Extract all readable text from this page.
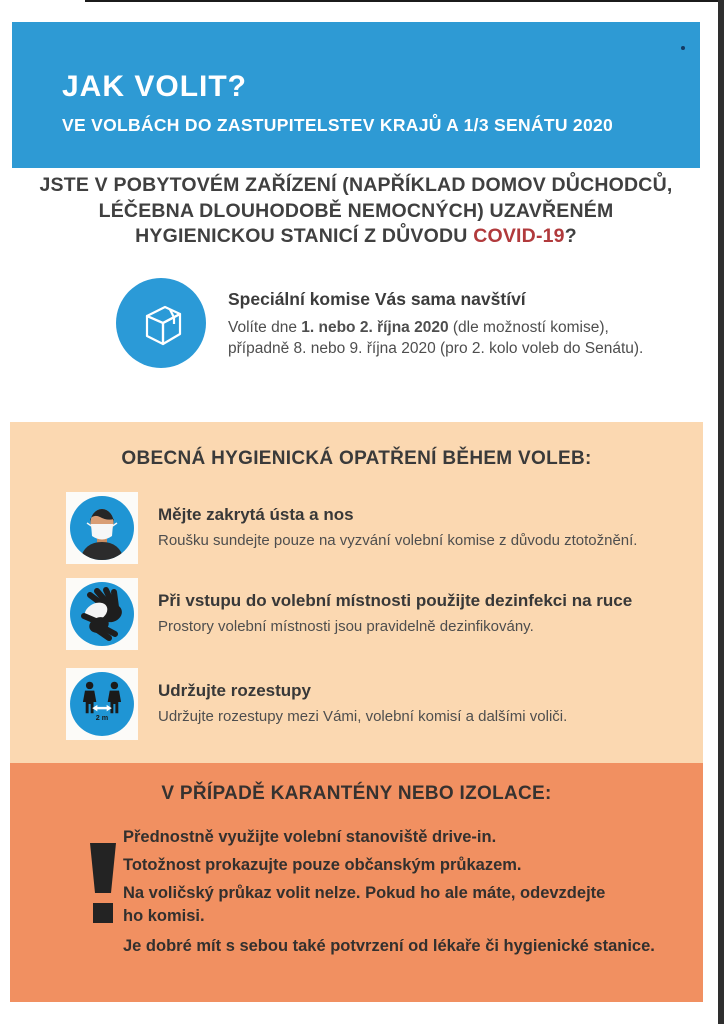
JAK VOLIT?
VE VOLBÁCH DO ZASTUPITELSTEV KRAJŮ A 1/3 SENÁTU 2020
JSTE V POBYTOVÉM ZAŘÍZENÍ (NAPŘÍKLAD DOMOV DŮCHODCŮ,
LÉČEBNA DLOUHODOBĚ NEMOCNÝCH) UZAVŘENÉM
HYGIENICKOU STANICÍ Z DŮVODU COVID-19?
Speciální komise Vás sama navštíví

Volíte dne 1. nebo 2. října 2020 (dle možností komise),

případně 8. nebo 9. října 2020 (pro 2. kolo voleb do Senátu).

OBECNÁ HYGIENICKÁ OPATŘENÍ BĚHEM VOLEB:
Mějte zakrytá ústa a nos

Roušku sundejte pouze na vyzvání volební komise z důvodu ztotožnění.

Při vstupu do volební místnosti použijte dezinfekci na ruce

Prostory volební místnosti jsou pravidelně dezinfikovány.

2 m
Udržujte rozestupy

Udržujte rozestupy mezi Vámi, volební komisí a dalšími voliči.

V PŘÍPADĚ KARANTÉNY NEBO IZOLACE:

Přednostně využijte volební stanoviště drive-in.

Totožnost prokazujte pouze občanským průkazem.

Na voličský průkaz volit nelze. Pokud ho ale máte, odevzdejte

ho komisi.

Je dobré mít s sebou také potvrzení od lékaře či hygienické stanice.
